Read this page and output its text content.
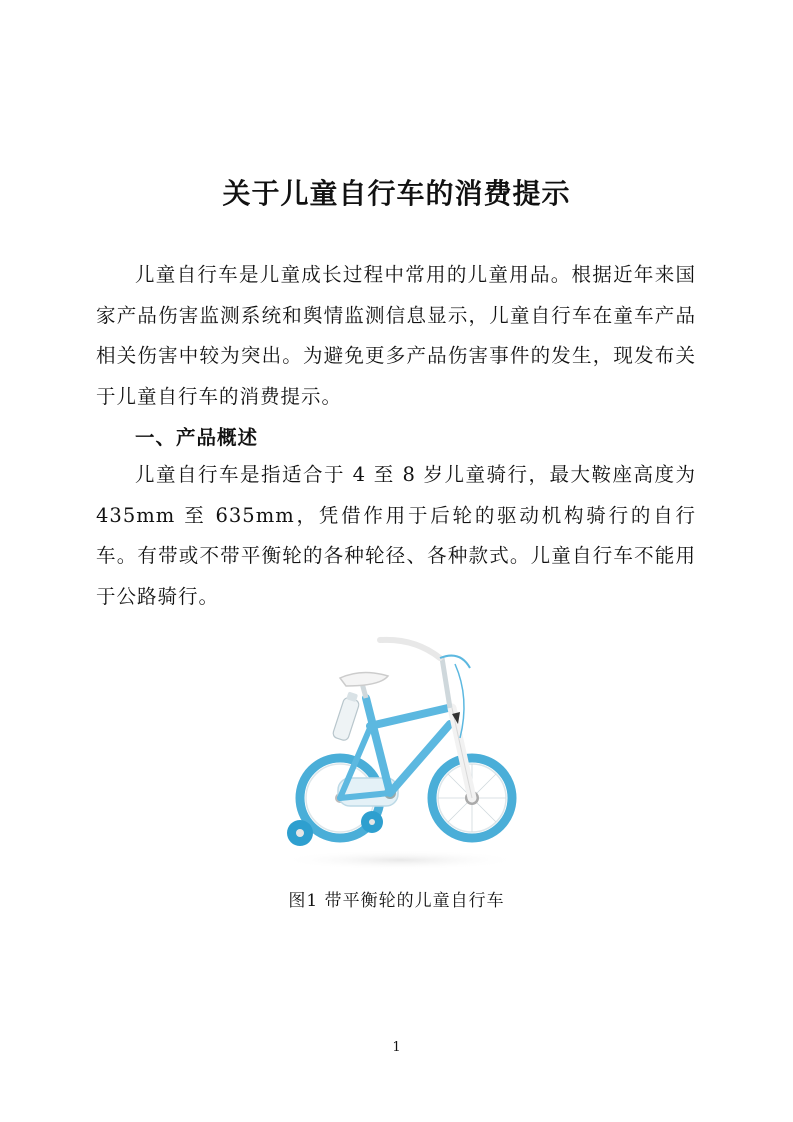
关于儿童自行车的消费提示

儿童自行车是儿童成长过程中常用的儿童用品。根据近年来国家产品伤害监测系统和舆情监测信息显示，儿童自行车在童车产品相关伤害中较为突出。为避免更多产品伤害事件的发生，现发布关于儿童自行车的消费提示。

一、产品概述

儿童自行车是指适合于 4 至 8 岁儿童骑行，最大鞍座高度为 435mm 至 635mm，凭借作用于后轮的驱动机构骑行的自行车。有带或不带平衡轮的各种轮径、各种款式。儿童自行车不能用于公路骑行。

图1 带平衡轮的儿童自行车

1
